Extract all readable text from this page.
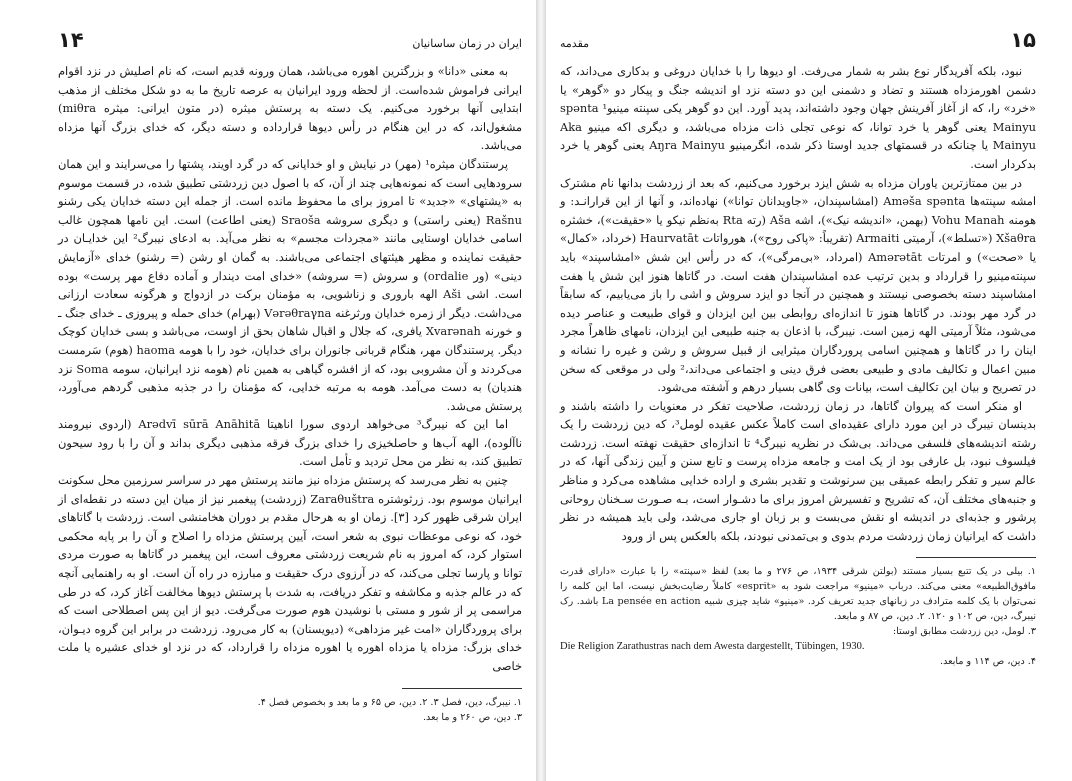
ایران در زمان ساسانیان
۱۴

به معنی «دانا» و بزرگترین اهوره می‌باشد، همان ورونه قدیم است، که نام اصلیش در نزد اقوام ایرانی فراموش شده‌است. از لحظه ورود ایرانیان به عرصه تاریخ ما به دو شکل مختلف از مذهب ابتدایی آنها برخورد می‌کنیم. یک دسته به پرستش میثره (در متون ایرانی: میثره miθra) مشغول‌اند، که در این هنگام در رأس دیوها قرارداده و دسته دیگر، که خدای بزرگ آنها مزداه می‌باشد.

پرستندگان میثره¹ (مهر) در نیایش و او خدایانی که در گرد اویند، پشتها را می‌سرایند و این همان سرودهایی است که نمونه‌هایی چند از آن، که با اصول دین زردشتی تطبیق شده، در قسمت موسوم به «یشتهای» «جدید» تا امروز برای ما محفوظ مانده است. از جمله این دسته خدایان یکی رشنو Rašnu (یعنی راستی) و دیگری سروشه Sraoša (یعنی اطاعت) است. این نامها همچون غالب اسامی خدایان اوستایی مانند «مجردات مجسم» به نظر می‌آید. به ادعای نیبرگ² این خدایـان در حقیقت نماینده و مظهر هیئتهای اجتماعی می‌باشند. به گمان او رشن (= رشنو) خدای «آزمایش دینی» (ور ordalie) و سروش (= سروشه) «خدای امت دیندار و آماده دفاع مهر پرست» بوده است. اشی Aši الهه باروری و زناشویی، به مؤمنان برکت در ازدواج و هرگونه سعادت ارزانی می‌داشت. دیگر از زمره خدایان ورثرغنه Vərəθraγna (بهرام) خدای حمله و پیروزی ـ خدای جنگ ـ و خورنه Xvarənah یافری، که جلال و اقبال شاهان بحق از اوست، می‌باشد و بسی خدایان کوچک دیگر. پرستندگان مهر، هنگام قربانی جانوران برای خدایان، خود را با هومه haoma (هوم) سَرمست می‌کردند و آن مشروبی بود، که از افشره گیاهی به همین نام (هومه نزد ایرانیان، سومه Soma نزد هندیان) به دست می‌آمد. هومه به مرتبه خدایی، که مؤمنان را در جذبه مذهبی گردهم می‌آورد، پرستش می‌شد.

اما این که نیبرگ³ می‌خواهد اردوی سورا اناهیتا Arədvī sūrā Anāhitā (اردوی نیرومند ناآلوده)، الهه آب‌ها و حاصلخیزی را خدای بزرگ فرقه مذهبی دیگری بداند و آن را با رود سیحون تطبیق کند، به نظر من محل تردید و تأمل است.

چنین به نظر می‌رسد که پرستش مزداه نیز مانند پرستش مهر در سراسر سرزمین محل سکونت ایرانیان موسوم بود. زرثوشتره Zaraθuštra (زردشت) پیغمبر نیز از میان این دسته در نقطه‌ای از ایران شرقی ظهور کرد [۳]. زمان او به هرحال مقدم بر دوران هخامنشی است. زردشت با گاتاهای خود، که نوعی موعظات نبوی به شعر است، آیین پرستش مزداه را اصلاح و آن را بر پایه محکمی استوار کرد، که امروز به نام شریعت زردشتی معروف است، این پیغمبر در گاتاها به صورت مردی توانا و پارسا تجلی می‌کند، که در آرزوی درک حقیقت و مبارزه در راه آن است. او به راهنمایی آنچه که در عالم جذبه و مکاشفه و تفکر دریافت، به شدت با پرستش دیوها مخالفت آغاز کرد، که در طی مراسمی پر از شور و مستی با نوشیدن هوم صورت می‌گرفت. دیو از این پس اصطلاحی است که برای پروردگاران «امت غیر مزداهی» (دیویسنان) به کار می‌رود. زردشت در برابر این گروه دیـوان، خدای بزرگ: مزداه یا مزداه اهوره یا اهوره مزداه را قرارداد، که در نزد او خدای عشیره یا ملت خاصی

۱. نیبرگ، دین، فصل ۳. ۲. دین، ص ۶۵ و ما بعد و بخصوص فصل ۴.

۳. دین، ص ۲۶۰ و ما بعد.

۱۵
مقدمه

نبود، بلکه آفریدگار نوع بشر به شمار می‌رفت. او دیوها را با خدایان دروغی و بدکاری می‌داند، که دشمن اهورمزداه هستند و تضاد و دشمنی این دو دسته نزد او اندیشه جنگ و پیکار دو «گوهر» یا «خرد» را، که از آغاز آفرینش جهان وجود داشته‌اند، پدید آورد. این دو گوهر یکی سپنته مینیو¹ spənta Mainyu یعنی گوهر یا خرد توانا، که نوعی تجلی ذات مزداه می‌باشد، و دیگری اکه مینیو Aka Mainyu یا چنانکه در قسمتهای جدید اوستا ذکر شده، انگرمینیو Aŋra Mainyu یعنی گوهر یا خرد بدکردار است.

در بین ممتازترین یاوران مزداه به شش ایزد برخورد می‌کنیم، که بعد از زردشت بدانها نام مشترک امشه سپنته‌ها Aməša spənta (امشاسپندان، «جاویدانان توانا») نهاده‌اند، و آنها از این قرارانـد: و هومنه Vohu Manah (بهمن، «اندیشه نیک»)، اشه Aša (رته Rta به‌نظم نیکو یا «حقیقت»)، خشثره Xšaθra («تسلط»)، آرمیتی Armaiti (تقریباً: «پاکی روح»)، هورواتات Haurvatāt (خرداد، «کمال» یا «صحت») و امرتات Amərətāt (امرداد، «بی‌مرگی»)، که در رأس این شش «امشاسپند» باید سپنته‌مینیو را قرارداد و بدین ترتیب عده امشاسپندان هفت است. در گاتاها هنوز این شش یا هفت امشاسپند دسته بخصوصی نیستند و همچنین در آنجا دو ایزد سروش و اشی را باز می‌یابیم، که سابقاً در گرد مهر بودند. در گاتاها هنوز تا اندازه‌ای روابطی بین این ایزدان و قوای طبیعت و عناصر دیده می‌شود، مثلاً آرمیتی الهه زمین است. نیبرگ، با اذعان به جنبه طبیعی این ایزدان، نامهای ظاهراً مجرد اینان را در گاتاها و همچنین اسامی پروردگاران میثرایی از قبیل سروش و رشن و غیره را نشانه و مبین اعمال و تکالیف مادی و طبیعی بعضی فرق دینی و اجتماعی می‌داند،² ولی در موقعی که سخن در تصریح و بیان این تکالیف است، بیانات وی گاهی بسیار درهم و آشفته می‌شود.

او منکر است که پیروان گاتاها، در زمان زردشت، صلاحیت تفکر در معنویات را داشته باشند و بدینسان نیبرگ در این مورد دارای عقیده‌ای است کاملاً عکس عقیده لومل³، که دین زردشت را یک رشته اندیشه‌های فلسفی می‌داند. بی‌شک در نظریه نیبرگ⁴ تا اندازه‌ای حقیقت نهفته است. زردشت فیلسوف نبود، بل عارفی بود از یک امت و جامعه مزداه پرست و تابع سنن و آیین زندگی آنها، که در عالم سیر و تفکر رابطه عمیقی بین سرنوشت و تقدیر بشری و اراده خدایی مشاهده می‌کرد و مناظر و جنبه‌های مختلف آن، که تشریح و تفسیرش امروز برای ما دشـوار است، بـه صـورت سـخنان روحانی پرشور و جذبه‌ای در اندیشه او نقش می‌بست و بر زبان او جاری می‌شد، ولی باید همیشه در نظر داشت که ایرانیان زمان زردشت مردم بدوی و بی‌تمدنی نبودند، بلکه بالعکس پس از ورود

۱. بیلی در یک تتبع بسیار مستند (بولتن شرقی ۱۹۳۴، ص ۲۷۶ و ما بعد) لفظ «سپنته» را با عبارت «دارای قدرت مافوق‌الطبیعه» معنی می‌کند. درباب «مینیو» مراجعت شود به «esprit» کاملاً رضایت‌بخش نیست، اما این کلمه را نمی‌توان با یک کلمه مترادف در زبانهای جدید تعریف کرد. «مینیو» شاید چیزی شبیه La pensée en action باشد. رک نیبرگ، دین، ص ۱۰۲ و ۱۲۰. ۲. دین، ص ۸۷ و مابعد.

۳. لومل، دین زردشت مطابق اوستا:

Die Religion Zarathustras nach dem Awesta dargestellt, Tübingen, 1930.

۴. دین، ص ۱۱۴ و مابعد.
